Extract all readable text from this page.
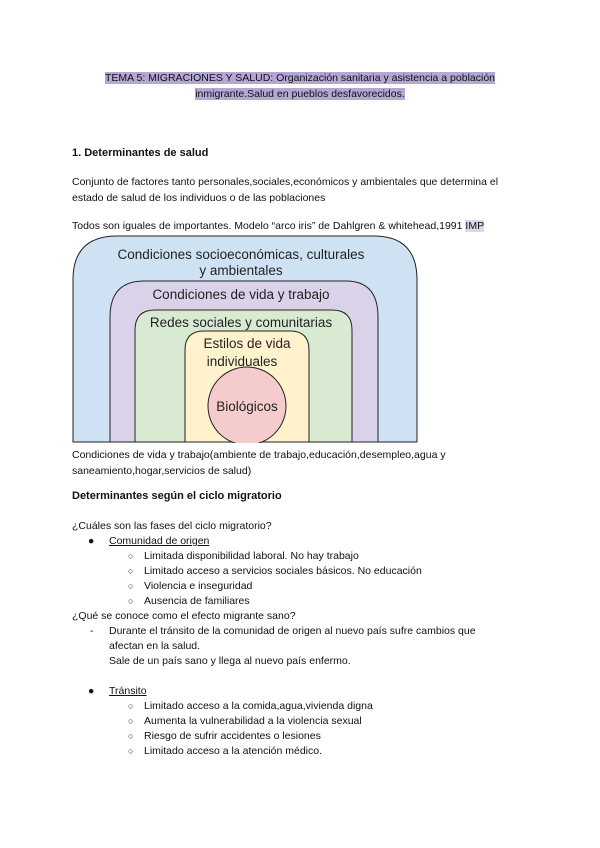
TEMA 5: MIGRACIONES Y SALUD: Organización sanitaria y asistencia a población
inmigrante.Salud en pueblos desfavorecidos.
1. Determinantes de salud
Conjunto de factores tanto personales,sociales,económicos y ambientales que determina el
estado de salud de los individuos o de las poblaciones
Todos son iguales de importantes. Modelo “arco iris” de Dahlgren & whitehead,1991 IMP
Condiciones socioeconómicas, culturales
y ambientales
Condiciones de vida y trabajo
Redes sociales y comunitarias
Estilos de vida
individuales
Biológicos
Condiciones de vida y trabajo(ambiente de trabajo,educación,desempleo,agua y
saneamiento,hogar,servicios de salud)
Determinantes según el ciclo migratorio
¿Cuáles son las fases del ciclo migratorio?
● Comunidad de origen
○ Limitada disponibilidad laboral. No hay trabajo
○ Limitado acceso a servicios sociales básicos. No educación
○ Violencia e inseguridad
○ Ausencia de familiares
¿Qué se conoce como el efecto migrante sano?
- Durante el tránsito de la comunidad de origen al nuevo país sufre cambios que
afectan en la salud.
Sale de un país sano y llega al nuevo país enfermo.
● Tránsito
○ Limitado acceso a la comida,agua,vivienda digna
○ Aumenta la vulnerabilidad a la violencia sexual
○ Riesgo de sufrir accidentes o lesiones
○ Limitado acceso a la atención médico.
